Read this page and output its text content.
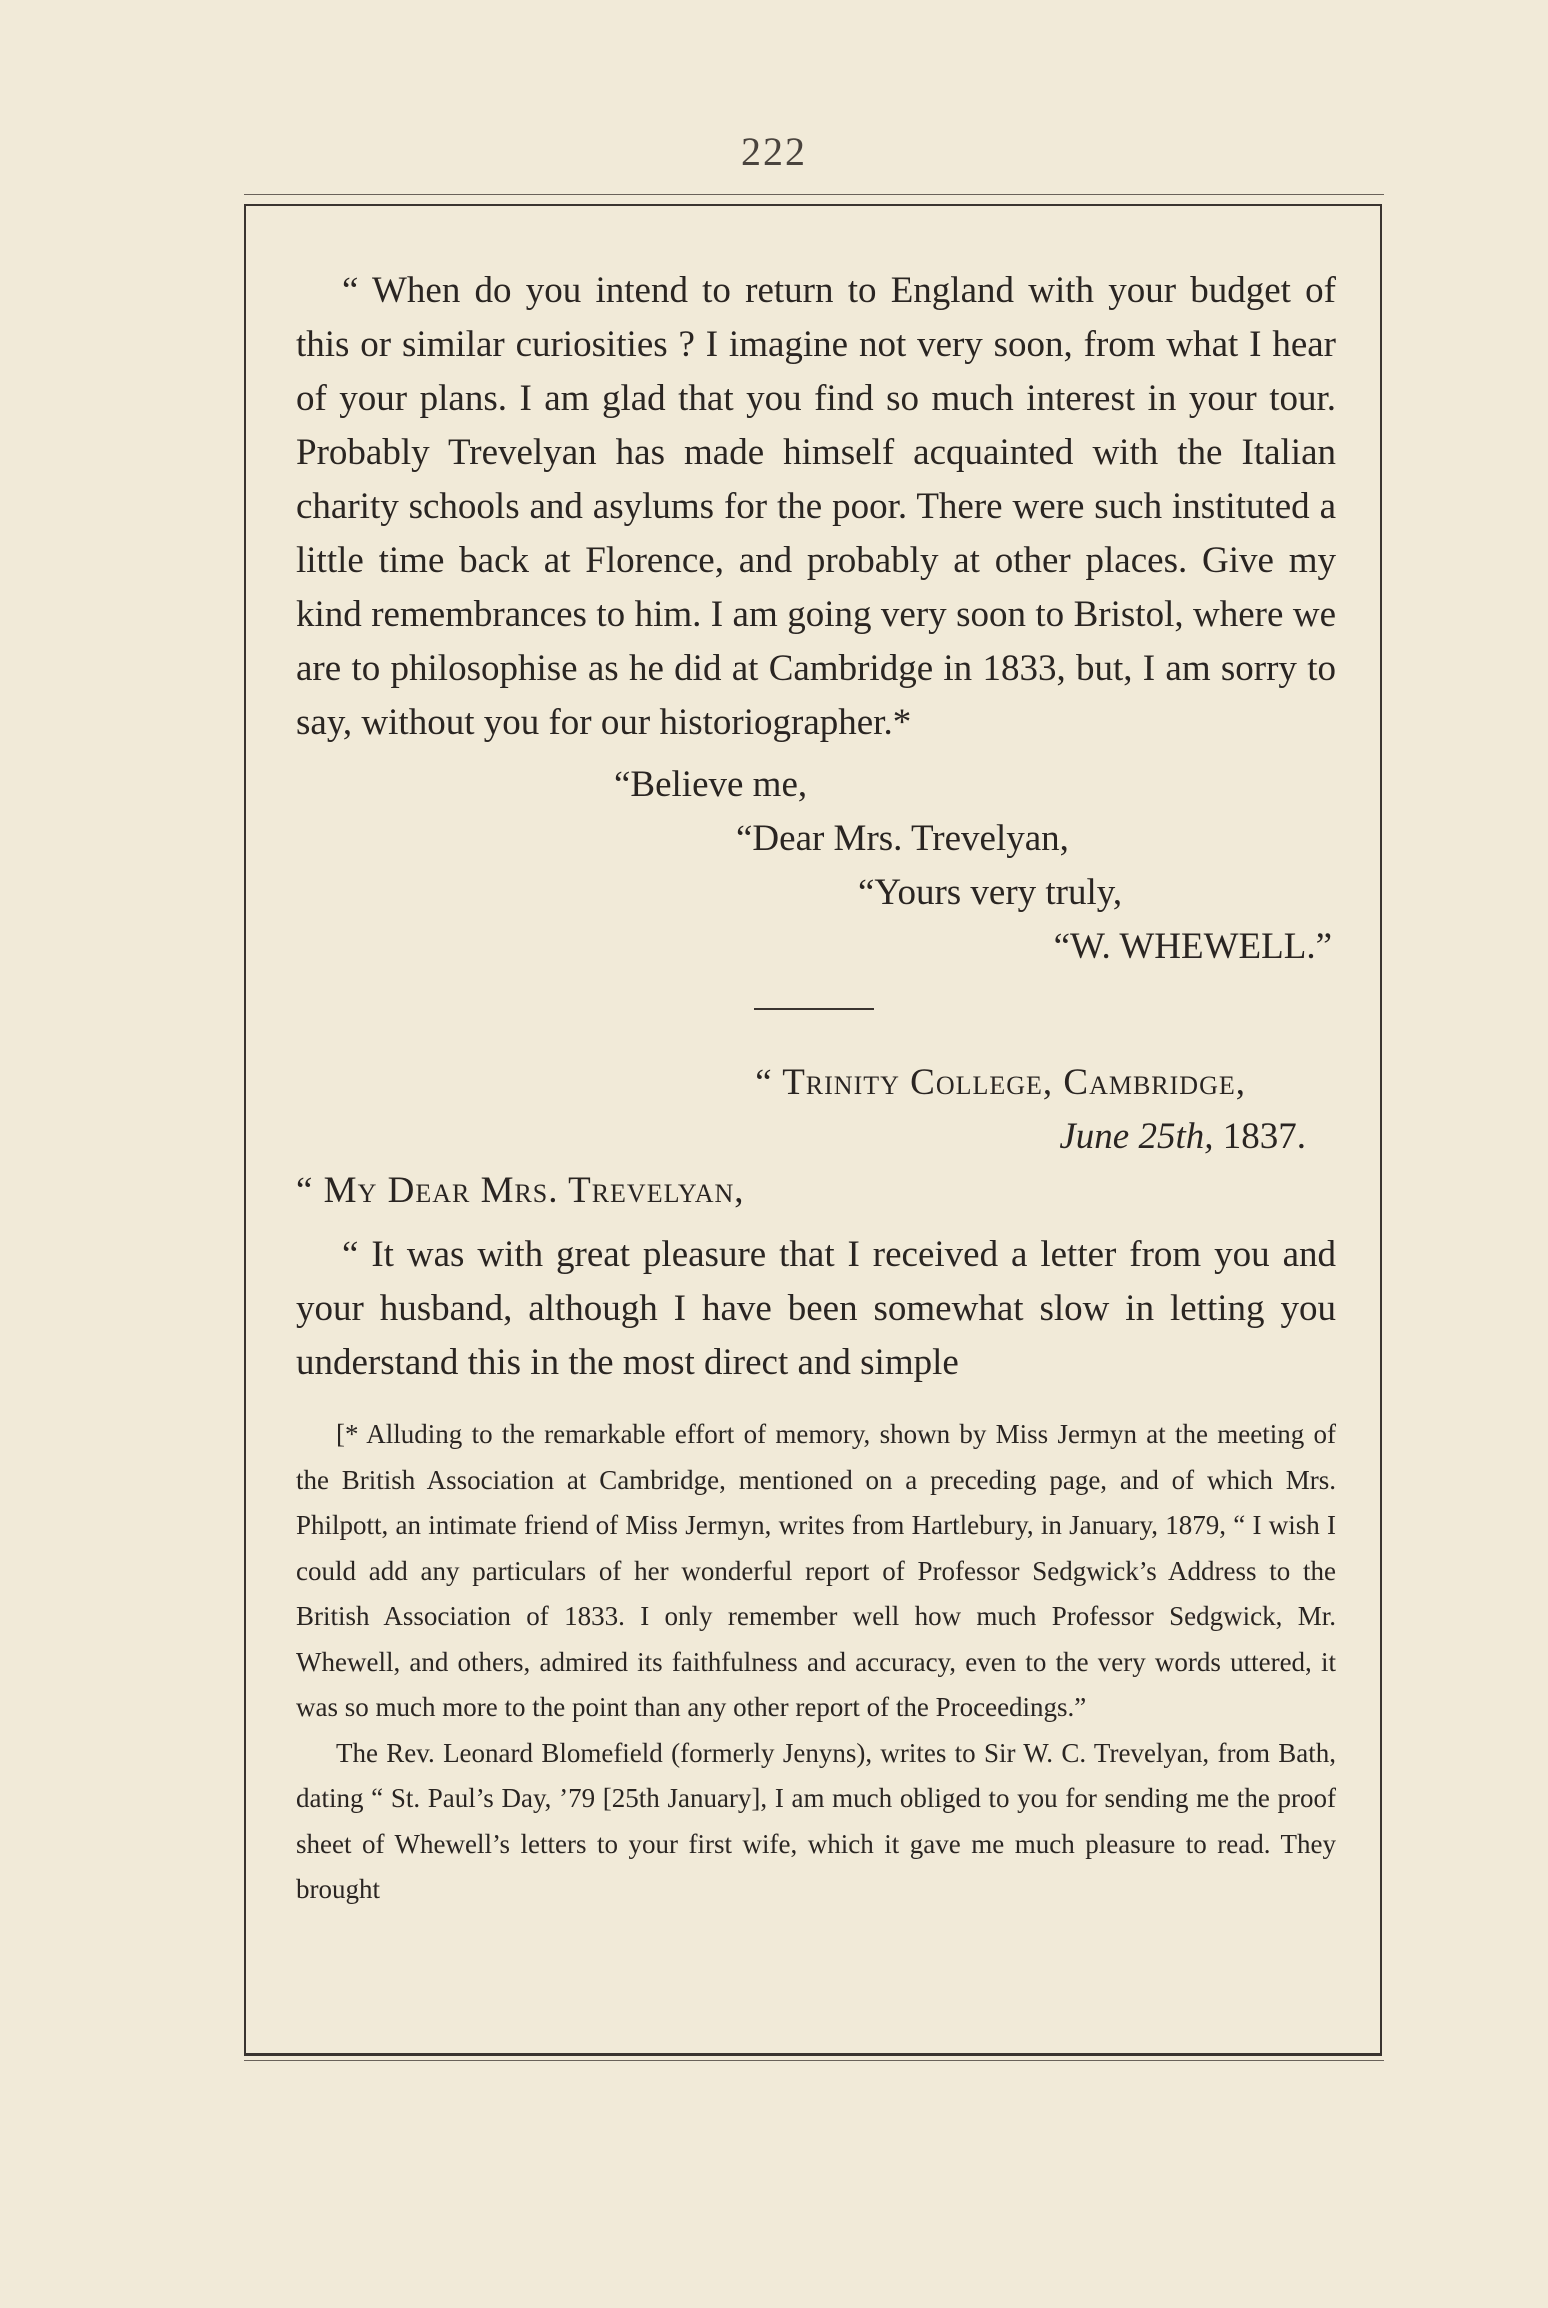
222

“ When do you intend to return to England with your budget of this or similar curiosities ? I imagine not very soon, from what I hear of your plans. I am glad that you find so much interest in your tour. Probably Trevelyan has made himself acquainted with the Italian charity schools and asylums for the poor. There were such instituted a little time back at Florence, and probably at other places. Give my kind remembrances to him. I am going very soon to Bristol, where we are to philosophise as he did at Cambridge in 1833, but, I am sorry to say, without you for our historiographer.*

“Believe me,
“Dear Mrs. Trevelyan,
“Yours very truly,
“W. WHEWELL.”
“ Trinity College, Cambridge,
June 25th, 1837.
“ My Dear Mrs. Trevelyan,

“ It was with great pleasure that I received a letter from you and your husband, although I have been somewhat slow in letting you understand this in the most direct and simple

[* Alluding to the remarkable effort of memory, shown by Miss Jermyn at the meeting of the British Association at Cambridge, mentioned on a preceding page, and of which Mrs. Philpott, an intimate friend of Miss Jermyn, writes from Hartlebury, in January, 1879, “ I wish I could add any particulars of her wonderful report of Professor Sedgwick’s Address to the British Association of 1833. I only remember well how much Professor Sedgwick, Mr. Whewell, and others, admired its faithfulness and accuracy, even to the very words uttered, it was so much more to the point than any other report of the Proceedings.”

The Rev. Leonard Blomefield (formerly Jenyns), writes to Sir W. C. Trevelyan, from Bath, dating “ St. Paul’s Day, ’79 [25th January], I am much obliged to you for sending me the proof sheet of Whewell’s letters to your first wife, which it gave me much pleasure to read. They brought
